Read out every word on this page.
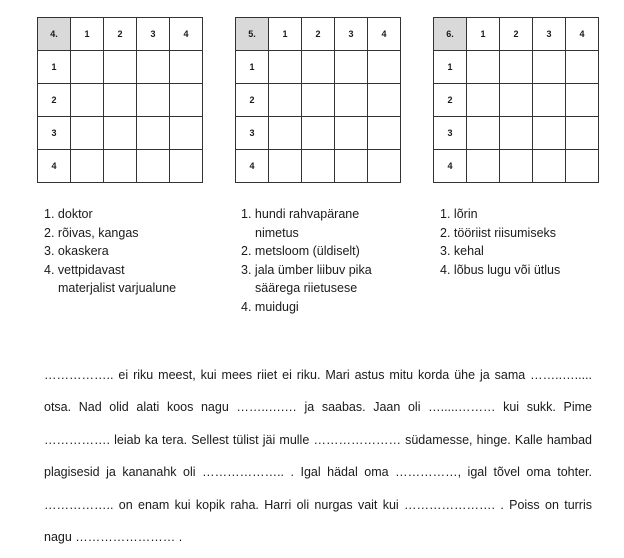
4.	1	2	3	4
1				
2				
3				
4				
5.	1	2	3	4
1				
2				
3				
4				
6.	1	2	3	4
1				
2				
3				
4				
1. doktor
2. rõivas, kangas
3. okaskera
4. vettpidavast
materjalist varjualune
1. hundi rahvapärane
nimetus
2. metsloom (üldiselt)
3. jala ümber liibuv pika
säärega riietusese
4. muidugi
1. lõrin
2. tööriist riisumiseks
3. kehal
4. lõbus lugu või ütlus

…………….. ei riku meest, kui mees riiet ei riku. Mari astus mitu korda ühe ja sama ……..…..... otsa. Nad olid alati koos nagu ……..….… ja saabas. Jaan oli ….....……… kui sukk. Pime ……………. leiab ka tera. Sellest tülist jäi mulle ………………… südamesse, hinge. Kalle hambad plagisesid ja kananahk oli ……………….. . Igal hädal oma ……………, igal tõvel oma tohter. …………….. on enam kui kopik raha. Harri oli nurgas vait kui …………………. . Poiss on turris nagu …………………… .
